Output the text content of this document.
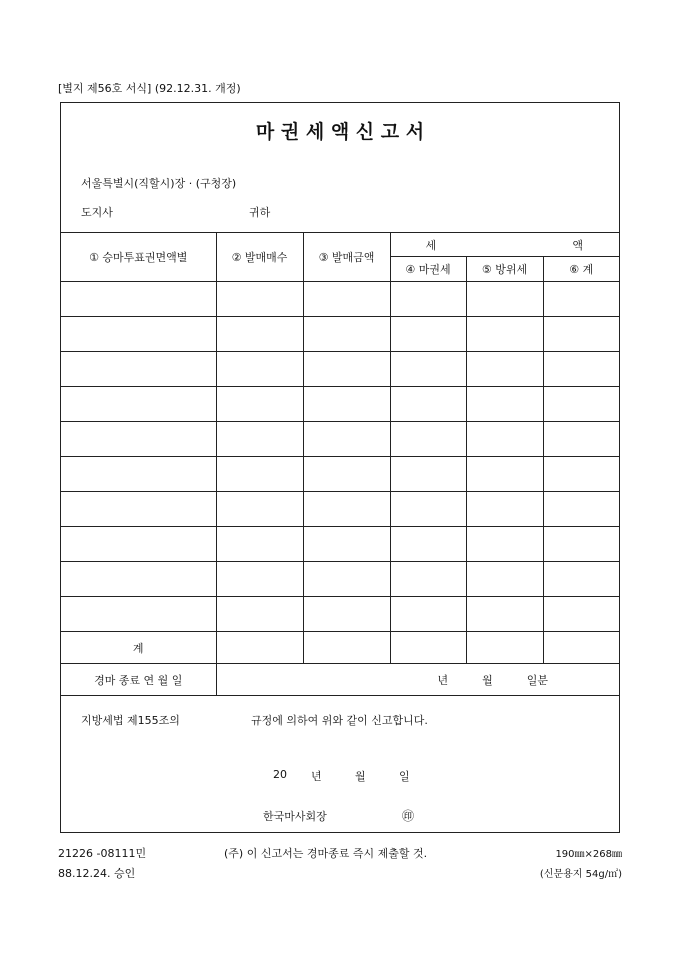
[별지 제56호 서식] (92.12.31. 개정)
마 권 세 액 신 고 서
서울특별시(직할시)장 · (구청장)
도지사	귀하
① 승마투표권면액별	② 발매매수	③ 발매금액	세 액		

			④ 마권세	⑤ 방위세	⑥ 계

계					
경마 종료 연 월 일	년 월 일분				
지방세법 제155조의	규정에 의하여 위와 같이 신고합니다.
20 년	월	일
한국마사회장	㊞
21226 -08111민
88.12.24. 승인
(주) 이 신고서는 경마종료 즉시 제출할 것.	190㎜×268㎜
(신문용지 54g/㎡)
